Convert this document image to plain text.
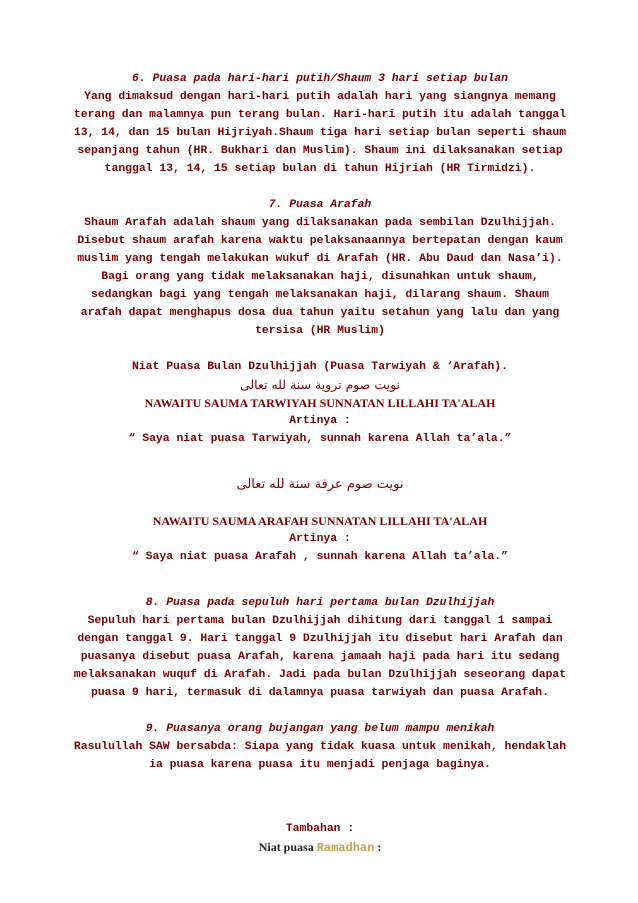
6. Puasa pada hari-hari putih/Shaum 3 hari setiap bulan

Yang dimaksud dengan hari-hari putih adalah hari yang siangnya memang terang dan malamnya pun terang bulan. Hari-hari putih itu adalah tanggal 13, 14, dan 15 bulan Hijriyah.Shaum tiga hari setiap bulan seperti shaum sepanjang tahun (HR. Bukhari dan Muslim). Shaum ini dilaksanakan setiap tanggal 13, 14, 15 setiap bulan di tahun Hijriah (HR Tirmidzi).

7. Puasa Arafah

Shaum Arafah adalah shaum yang dilaksanakan pada sembilan Dzulhijjah. Disebut shaum arafah karena waktu pelaksanaannya bertepatan dengan kaum muslim yang tengah melakukan wukuf di Arafah (HR. Abu Daud dan Nasa’i). Bagi orang yang tidak melaksanakan haji, disunahkan untuk shaum, sedangkan bagi yang tengah melaksanakan haji, dilarang shaum. Shaum arafah dapat menghapus dosa dua tahun yaitu setahun yang lalu dan yang tersisa (HR Muslim)

Niat Puasa Bulan Dzulhijjah (Puasa Tarwiyah & ‘Arafah).

نويت صوم تروية سنة لله تعالى

NAWAITU SAUMA TARWIYAH SUNNATAN LILLAHI TA'ALAH

Artinya :

“ Saya niat puasa Tarwiyah, sunnah karena Allah ta’ala.”

نويت صوم عرفة سنة لله تعالى

NAWAITU SAUMA ARAFAH SUNNATAN LILLAHI TA'ALAH

Artinya :

“ Saya niat puasa Arafah , sunnah karena Allah ta’ala.”

8. Puasa pada sepuluh hari pertama bulan Dzulhijjah

Sepuluh hari pertama bulan Dzulhijjah dihitung dari tanggal 1 sampai dengan tanggal 9. Hari tanggal 9 Dzulhijjah itu disebut hari Arafah dan puasanya disebut puasa Arafah, karena jamaah haji pada hari itu sedang melaksanakan wuquf di Arafah. Jadi pada bulan Dzulhijjah seseorang dapat puasa 9 hari, termasuk di dalamnya puasa tarwiyah dan puasa Arafah.

9. Puasanya orang bujangan yang belum mampu menikah

Rasulullah SAW bersabda: Siapa yang tidak kuasa untuk menikah, hendaklah ia puasa karena puasa itu menjadi penjaga baginya.

Tambahan :

Niat puasa Ramadhan :
